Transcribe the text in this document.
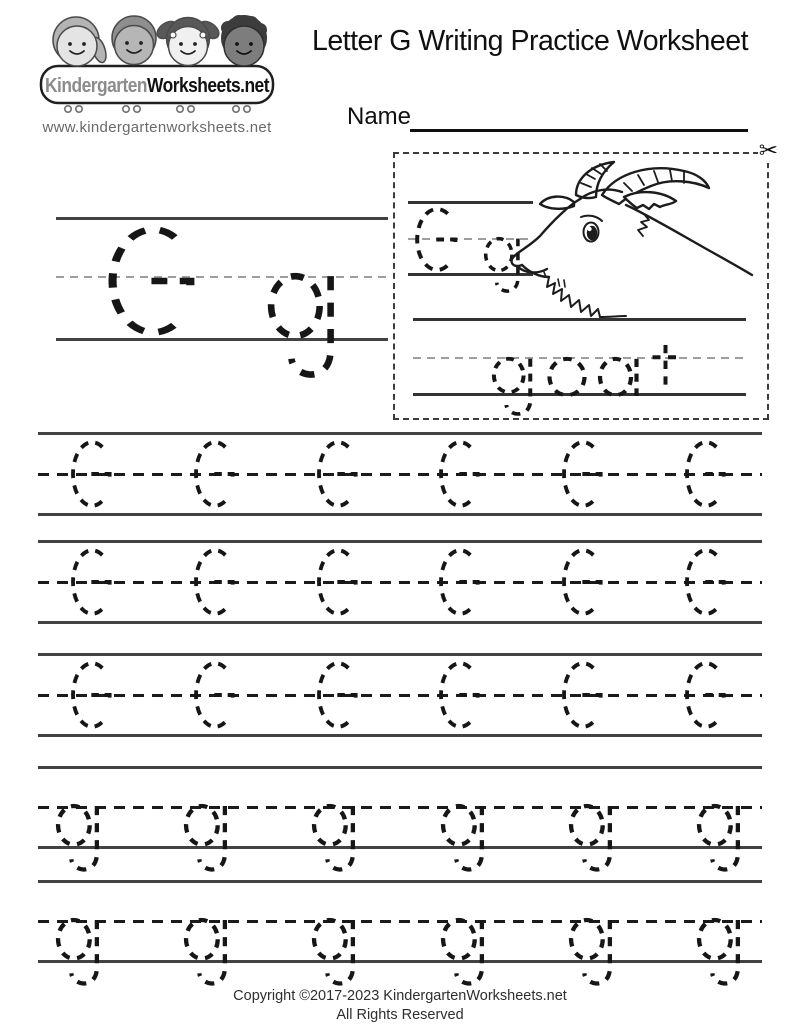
KindergartenWorksheets.net
www.kindergartenworksheets.net
Letter G Writing Practice Worksheet
Name
✂
Copyright ©2017-2023 KindergartenWorksheets.net
All Rights Reserved
